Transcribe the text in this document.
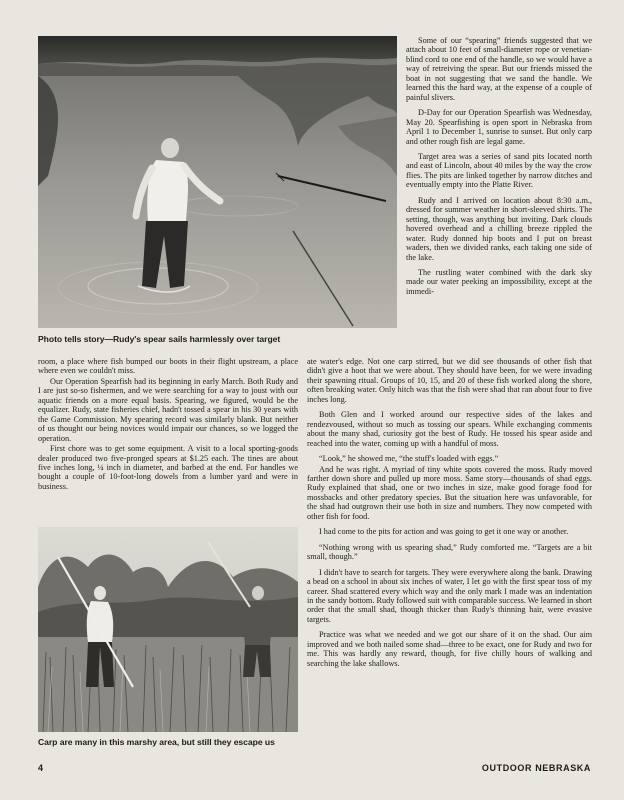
Photo tells story—Rudy's spear sails harmlessly over target

Some of our “spearing” friends suggested that we attach about 10 feet of small-diameter rope or venetian-blind cord to one end of the handle, so we would have a way of retreiving the spear. But our friends missed the boat in not suggesting that we sand the handle. We learned this the hard way, at the expense of a couple of painful slivers.

D-Day for our Operation Spearfish was Wednesday, May 20. Spearfishing is open sport in Nebraska from April 1 to December 1, sunrise to sunset. But only carp and other rough fish are legal game.

Target area was a series of sand pits located north and east of Lincoln, about 40 miles by the way the crow flies. The pits are linked together by narrow ditches and eventually empty into the Platte River.

Rudy and I arrived on location about 8:30 a.m., dressed for summer weather in short-sleeved shirts. The setting, though, was anything but inviting. Dark clouds hovered overhead and a chilling breeze rippled the water. Rudy donned hip boots and I put on breast waders, then we divided ranks, each taking one side of the lake.

The rustling water combined with the dark sky made our water peeking an impossibility, except at the immedi-

room, a place where fish bumped our boots in their flight upstream, a place where even we couldn't miss.

Our Operation Spearfish had its beginning in early March. Both Rudy and I are just so-so fishermen, and we were searching for a way to joust with our aquatic friends on a more equal basis. Spearing, we figured, would be the equalizer. Rudy, state fisheries chief, hadn't tossed a spear in his 30 years with the Game Commission. My spearing record was similarly blank. But neither of us thought our being novices would impair our chances, so we logged the operation.

First chore was to get some equipment. A visit to a local sporting-goods dealer produced two five-pronged spears at $1.25 each. The tines are about five inches long, ¼ inch in diameter, and barbed at the end. For handles we bought a couple of 10-foot-long dowels from a lumber yard and were in business.

Carp are many in this marshy area, but still they escape us

ate water's edge. Not one carp stirred, but we did see thousands of other fish that didn't give a hoot that we were about. They should have been, for we were invading their spawning ritual. Groups of 10, 15, and 20 of these fish worked along the shore, often breaking water. Only hitch was that the fish were shad that ran about four to five inches long.

Both Glen and I worked around our respective sides of the lakes and rendezvoused, without so much as tossing our spears. While exchanging comments about the many shad, curiosity got the best of Rudy. He tossed his spear aside and reached into the water, coming up with a handful of moss.

“Look,” he showed me, “the stuff's loaded with eggs.”

And he was right. A myriad of tiny white spots covered the moss. Rudy moved farther down shore and pulled up more moss. Same story—thousands of shad eggs. Rudy explained that shad, one or two inches in size, make good forage food for mossbacks and other predatory species. But the situation here was unfavorable, for the shad had outgrown their use both in size and numbers. They now competed with other fish for food.

I had come to the pits for action and was going to get it one way or another.

“Nothing wrong with us spearing shad,” Rudy comforted me. “Targets are a bit small, though.”

I didn't have to search for targets. They were everywhere along the bank. Drawing a bead on a school in about six inches of water, I let go with the first spear toss of my career. Shad scattered every which way and the only mark I made was an indentation in the sandy bottom. Rudy followed suit with comparable success. We learned in short order that the small shad, though thicker than Rudy's thinning hair, were evasive targets.

Practice was what we needed and we got our share of it on the shad. Our aim improved and we both nailed some shad—three to be exact, one for Rudy and two for me. This was hardly any reward, though, for five chilly hours of walking and searching the lake shallows.

4	OUTDOOR NEBRASKA
